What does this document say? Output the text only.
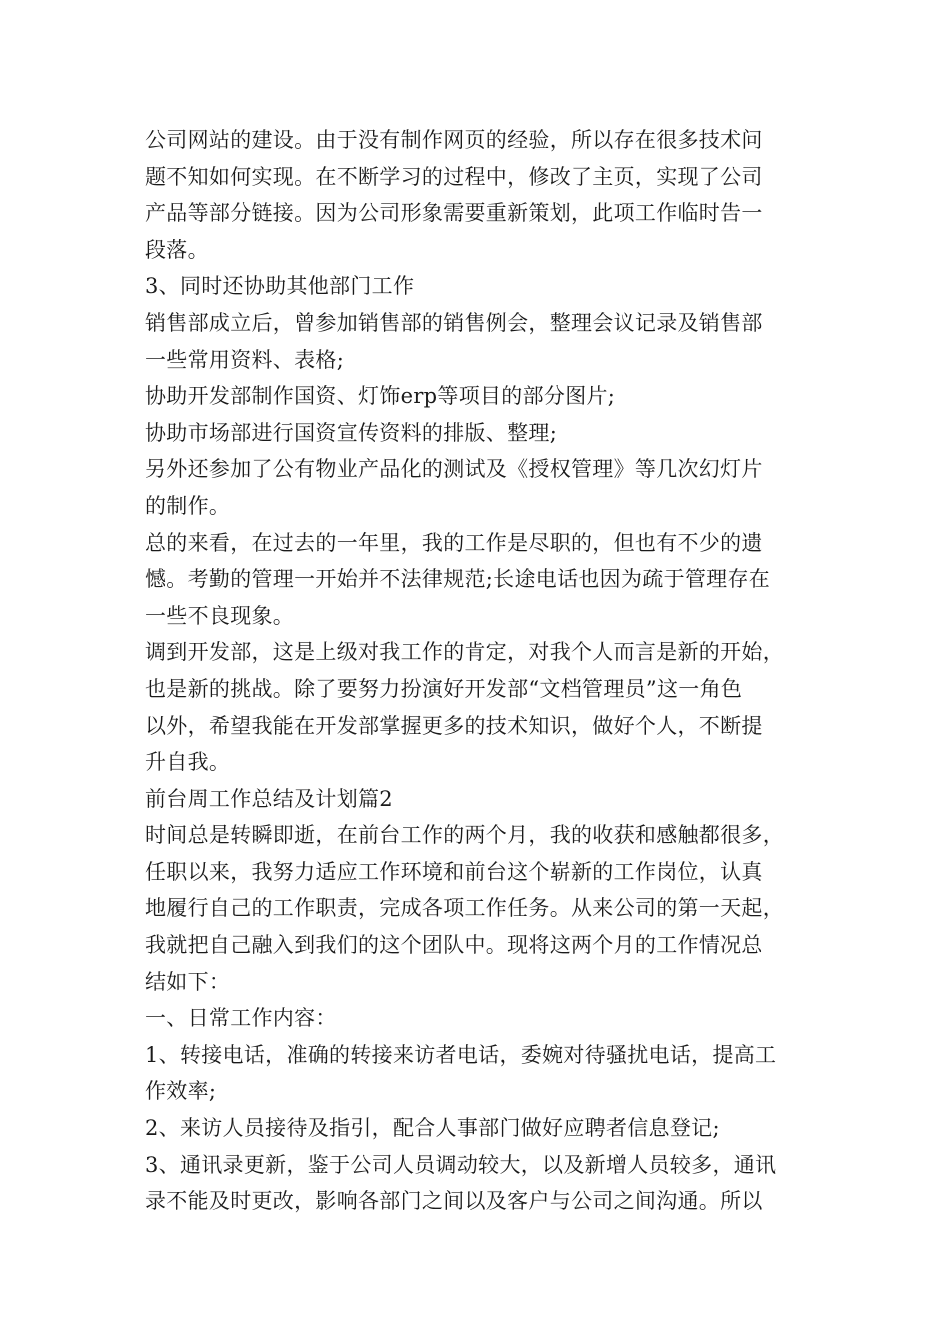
公司网站的建设。由于没有制作网页的经验，所以存在很多技术问
题不知如何实现。在不断学习的过程中，修改了主页，实现了公司
产品等部分链接。因为公司形象需要重新策划，此项工作临时告一
段落。
3、同时还协助其他部门工作
销售部成立后，曾参加销售部的销售例会，整理会议记录及销售部
一些常用资料、表格;
协助开发部制作国资、灯饰erp等项目的部分图片;
协助市场部进行国资宣传资料的排版、整理;
另外还参加了公有物业产品化的测试及《授权管理》等几次幻灯片
的制作。
总的来看，在过去的一年里，我的工作是尽职的，但也有不少的遗
憾。考勤的管理一开始并不法律规范;长途电话也因为疏于管理存在
一些不良现象。
调到开发部，这是上级对我工作的肯定，对我个人而言是新的开始，
也是新的挑战。除了要努力扮演好开发部“文档管理员”这一角色
以外，希望我能在开发部掌握更多的技术知识，做好个人，不断提
升自我。
前台周工作总结及计划篇2
时间总是转瞬即逝，在前台工作的两个月，我的收获和感触都很多，
任职以来，我努力适应工作环境和前台这个崭新的工作岗位，认真
地履行自己的工作职责，完成各项工作任务。从来公司的第一天起，
我就把自己融入到我们的这个团队中。现将这两个月的工作情况总
结如下：
一、日常工作内容：
1、转接电话，准确的转接来访者电话，委婉对待骚扰电话，提高工
作效率;
2、来访人员接待及指引，配合人事部门做好应聘者信息登记;
3、通讯录更新，鉴于公司人员调动较大，以及新增人员较多，通讯
录不能及时更改，影响各部门之间以及客户与公司之间沟通。所以
